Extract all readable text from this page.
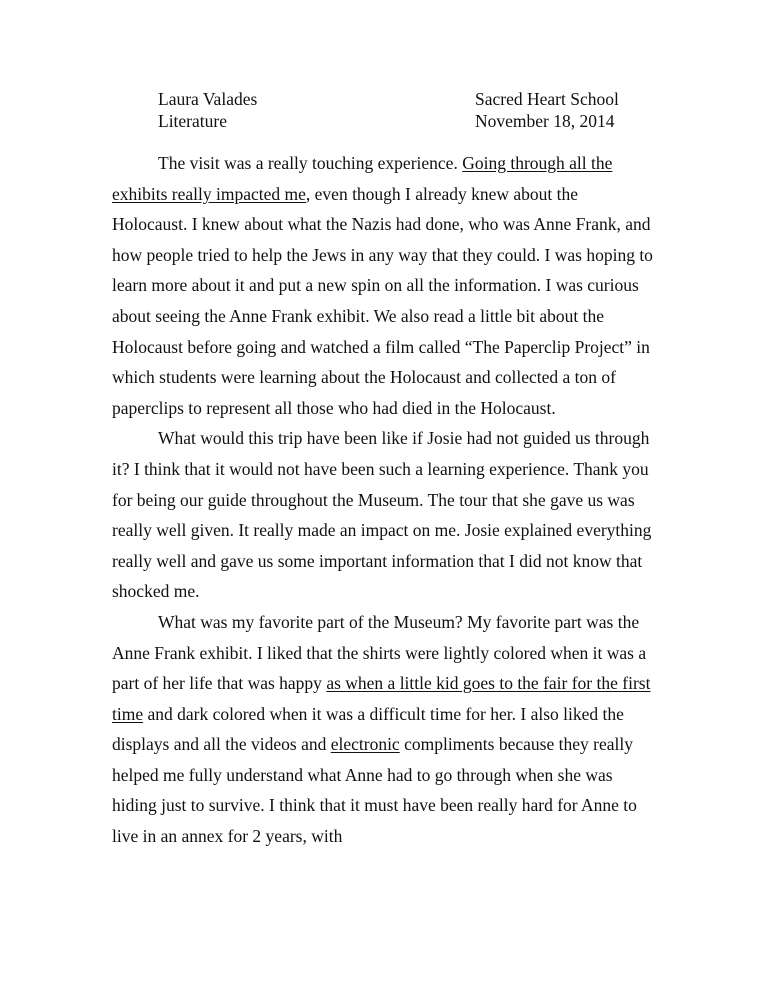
Laura Valades	Sacred Heart School
Literature	November 18, 2014

The visit was a really touching experience. Going through all the exhibits really impacted me, even though I already knew about the Holocaust. I knew about what the Nazis had done, who was Anne Frank, and how people tried to help the Jews in any way that they could. I was hoping to learn more about it and put a new spin on all the information. I was curious about seeing the Anne Frank exhibit. We also read a little bit about the Holocaust before going and watched a film called “The Paperclip Project” in which students were learning about the Holocaust and collected a ton of paperclips to represent all those who had died in the Holocaust.

What would this trip have been like if Josie had not guided us through it? I think that it would not have been such a learning experience. Thank you for being our guide throughout the Museum. The tour that she gave us was really well given. It really made an impact on me. Josie explained everything really well and gave us some important information that I did not know that shocked me.

What was my favorite part of the Museum? My favorite part was the Anne Frank exhibit. I liked that the shirts were lightly colored when it was a part of her life that was happy as when a little kid goes to the fair for the first time and dark colored when it was a difficult time for her. I also liked the displays and all the videos and electronic compliments because they really helped me fully understand what Anne had to go through when she was hiding just to survive. I think that it must have been really hard for Anne to live in an annex for 2 years, with
